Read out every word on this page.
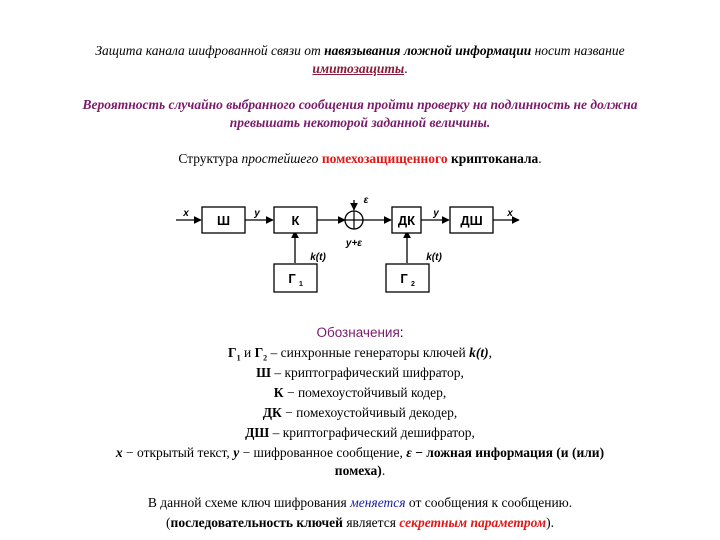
Защита канала шифрованной связи от навязывания ложной информации носит название
имитозащиты.
Вероятность случайно выбранного сообщения пройти проверку на подлинность не должна
превышать некоторой заданной величины.
Структура простейшего помехозащищенного криптоканала.
Ш	К	ДК	ДШ
Г 1	Г 2
x	y
ε
y+ε
k(t)	k(t)
y	x
Обозначения:
$Г_1$ и $Г_2$ – синхронные генераторы ключей k(t),
Ш – криптографический шифратор,
К − помехоустойчивый кодер,
ДК − помехоустойчивый декодер,
ДШ – криптографический дешифратор,
x − открытый текст, y − шифрованное сообщение, ε − ложная информация (и (или)
помеха).
В данной схеме ключ шифрования меняется от сообщения к сообщению.
(последовательность ключей является секретным параметром).
